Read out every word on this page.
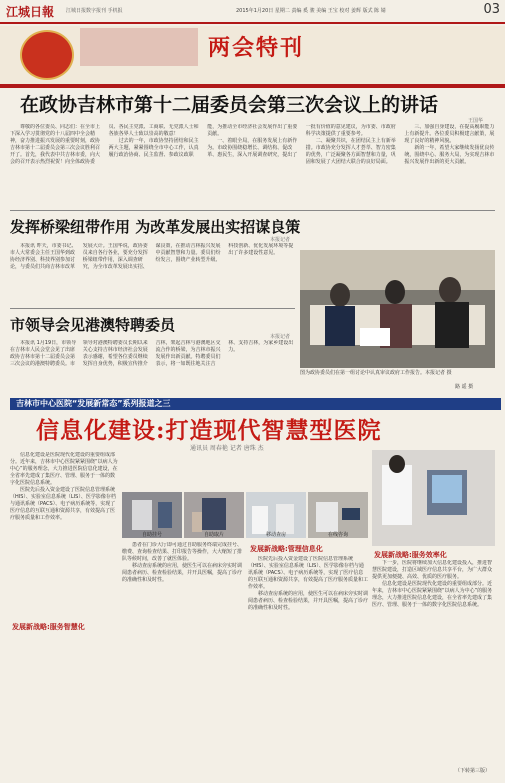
江城日報 江城日报数字报刊 手机报	2015年1月20日 星期二 责编 奚 骏 美编 王宝 校对 姜辉 版式 陈 婧	03
两会特刊
在政协吉林市第十二届委员会第三次会议上的讲话
王国华

尊敬的各位委员、同志们：在全市上下深入学习贯彻党的十八届四中全会精神，奋力推进振兴发展的重要时刻，政协吉林市第十二届委员会第三次会议胜利召开了。首先，我代表中共吉林市委，向大会的召开表示热烈祝贺！向全体政协委员、各民主党派、工商联、无党派人士和各族各界人士致以崇高的敬意！

过去的一年，市政协坚持团结和民主两大主题，紧紧围绕全市中心工作，认真履行政治协商、民主监督、参政议政职能，为推动全市经济社会发展作出了重要贡献。

一、着眼全局，在服务发展上有新作为。市政协围绕稳增长、调结构、促改革、惠民生，深入开展调查研究，提出了一批有价值的意见建议，为市委、市政府科学决策提供了重要参考。

二、凝聚共识，在团结民主上有新举措。市政协充分发挥人才荟萃、智力密集的优势，广泛凝聚各方面智慧和力量，巩固和发展了大团结大联合的良好局面。

三、加强自身建设，在提高履职能力上有新提升。各位委员积极建言献策，展现了良好的精神风貌。

新的一年，希望大家继续发扬优良传统，围绕中心、服务大局，为实现吉林市振兴发展作出新的更大贡献。

发挥桥梁纽带作用 为改革发展出实招谋良策
本报记者

本报讯 昨天，市委书记、市人大常委会主任王国华到政协经济界别、科技界别参加讨论，与委员们共商吉林市改革发展大计。王国华说，政协委员来自各行各业，要充分发挥桥梁纽带作用，深入调查研究，为全市改革发展出实招、谋良策，在推动吉林振兴发展中贡献智慧和力量。委员们纷纷发言，围绕产业转型升级、科技创新、优化发展环境等提出了许多建设性意见。

市领导会见港澳特聘委员
本报记者

本报讯 1月19日，市领导在吉林市人民会堂会见了出席政协吉林市第十二届委员会第三次会议的港澳特聘委员。市领导对港澳特聘委员长期以来关心支持吉林市经济社会发展表示感谢，希望各位委员继续发挥自身优势，积极宣传推介吉林，架起吉林与港澳地区交流合作的桥梁，为吉林市振兴发展作出新贡献。特聘委员们表示，将一如既往地关注吉林、支持吉林，为家乡建设出力。

图为政协委员们在第一组讨论中认真审议政府工作报告。本报记者 摄
路 遥 摄
吉林市中心医院“发展新常态”系列报道之三
信息化建设:打造现代智慧型医院
通讯员 周春艳 记者 唐珠 杰

信息化建设是医院现代化建设的重要组成部分。近年来，吉林市中心医院紧紧围绕“以病人为中心”的服务理念，大力推进医院信息化建设，在全省率先建成了集医疗、管理、服务于一体的数字化医院信息系统。

医院先后投入资金建设了医院信息管理系统（HIS）、实验室信息系统（LIS）、医学影像存档与通讯系统（PACS）、电子病历系统等，实现了医疗信息的互联互通和资源共享，有效提高了医疗服务质量和工作效率。

发展新战略:服务智慧化
自助挂号	自助取片	移动查房	在线咨询

患者在门诊大厅即可通过自助服务终端完成挂号、缴费、查询检查结果、打印报告等操作，大大缩短了排队等候时间，改善了就医体验。

移动查房系统的应用，使医生可以在病床旁实时调阅患者病历、检查检验结果，并开具医嘱，提高了诊疗的准确性和及时性。

发展新战略:管理信息化

医院先后投入资金建设了医院信息管理系统（HIS）、实验室信息系统（LIS）、医学影像存档与通讯系统（PACS）、电子病历系统等，实现了医疗信息的互联互通和资源共享，有效提高了医疗服务质量和工作效率。

移动查房系统的应用，使医生可以在病床旁实时调阅患者病历、检查检验结果，并开具医嘱，提高了诊疗的准确性和及时性。

发展新战略:服务效率化

下一步，医院将继续加大信息化建设投入，推进智慧医院建设，打造区域医疗信息共享平台，为广大群众提供更加便捷、高效、优质的医疗服务。

信息化建设是医院现代化建设的重要组成部分。近年来，吉林市中心医院紧紧围绕“以病人为中心”的服务理念，大力推进医院信息化建设，在全省率先建成了集医疗、管理、服务于一体的数字化医院信息系统。

（下转第三版）
